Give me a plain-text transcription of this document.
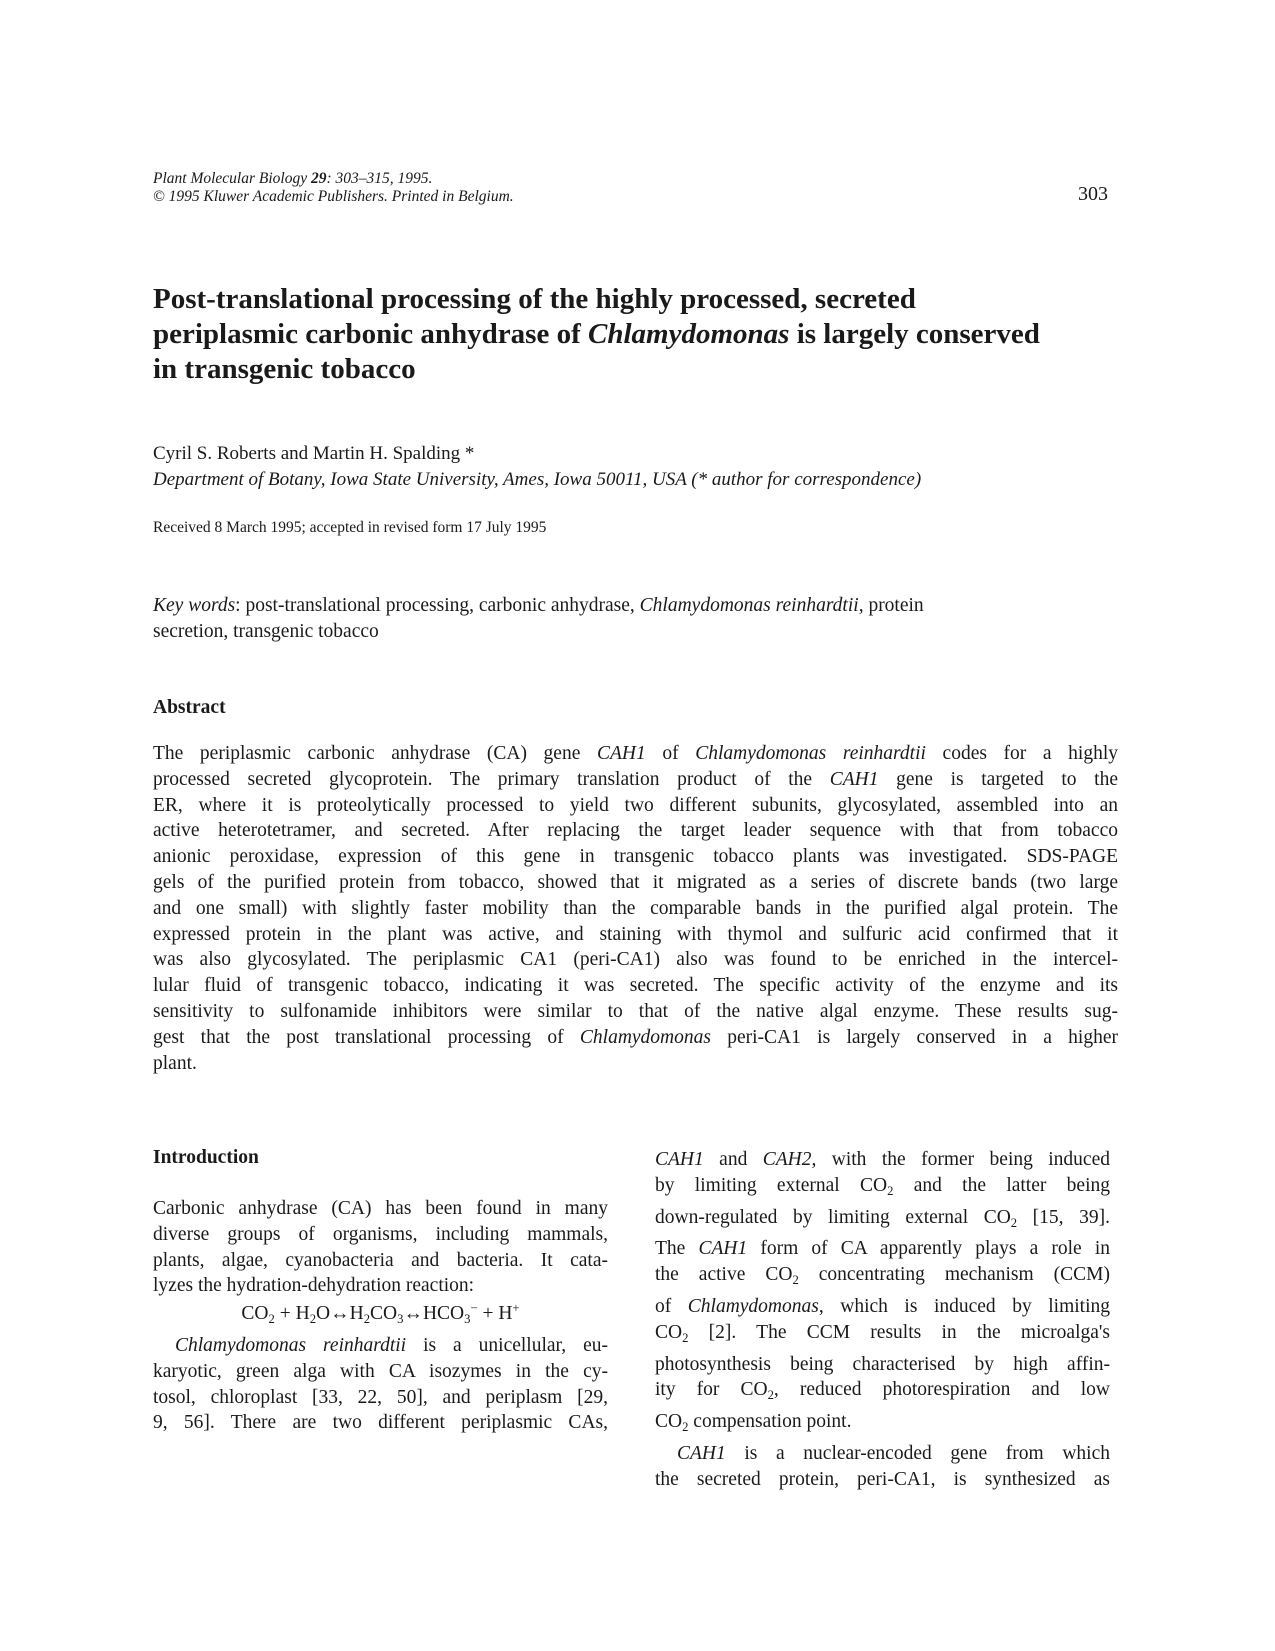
Plant Molecular Biology 29: 303–315, 1995.
© 1995 Kluwer Academic Publishers. Printed in Belgium.	303
Post-translational processing of the highly processed, secreted
periplasmic carbonic anhydrase of Chlamydomonas is largely conserved
in transgenic tobacco
Cyril S. Roberts and Martin H. Spalding *
Department of Botany, Iowa State University, Ames, Iowa 50011, USA (* author for correspondence)
Received 8 March 1995; accepted in revised form 17 July 1995
Key words: post-translational processing, carbonic anhydrase, Chlamydomonas reinhardtii, protein
secretion, transgenic tobacco
Abstract
The periplasmic carbonic anhydrase (CA) gene CAH1 of Chlamydomonas reinhardtii codes for a highly
processed secreted glycoprotein. The primary translation product of the CAH1 gene is targeted to the
ER, where it is proteolytically processed to yield two different subunits, glycosylated, assembled into an
active heterotetramer, and secreted. After replacing the target leader sequence with that from tobacco
anionic peroxidase, expression of this gene in transgenic tobacco plants was investigated. SDS-PAGE
gels of the purified protein from tobacco, showed that it migrated as a series of discrete bands (two large
and one small) with slightly faster mobility than the comparable bands in the purified algal protein. The
expressed protein in the plant was active, and staining with thymol and sulfuric acid confirmed that it
was also glycosylated. The periplasmic CA1 (peri-CA1) also was found to be enriched in the intercel-
lular fluid of transgenic tobacco, indicating it was secreted. The specific activity of the enzyme and its
sensitivity to sulfonamide inhibitors were similar to that of the native algal enzyme. These results sug-
gest that the post translational processing of Chlamydomonas peri-CA1 is largely conserved in a higher
plant.
Introduction
Carbonic anhydrase (CA) has been found in many
diverse groups of organisms, including mammals,
plants, algae, cyanobacteria and bacteria. It cata-
lyzes the hydration-dehydration reaction:
$CO_2$ + $H_2O\leftrightarrow H_2CO_3\leftrightarrow HCO_3^- + H^+$
Chlamydomonas reinhardtii is a unicellular, eu-
karyotic, green alga with CA isozymes in the cy-
tosol, chloroplast [33, 22, 50], and periplasm [29,
9, 56]. There are two different periplasmic CAs,
CAH1 and CAH2, with the former being induced
by limiting external $CO_2$ and the latter being
down-regulated by limiting external $CO_2$ [15, 39].
The CAH1 form of CA apparently plays a role in
the active $CO_2$ concentrating mechanism (CCM)
of Chlamydomonas, which is induced by limiting
$CO_2$ [2]. The CCM results in the microalga's
photosynthesis being characterised by high affin-
ity for $CO_2$, reduced photorespiration and low
$CO_2$ compensation point.
CAH1 is a nuclear-encoded gene from which
the secreted protein, peri-CA1, is synthesized as
